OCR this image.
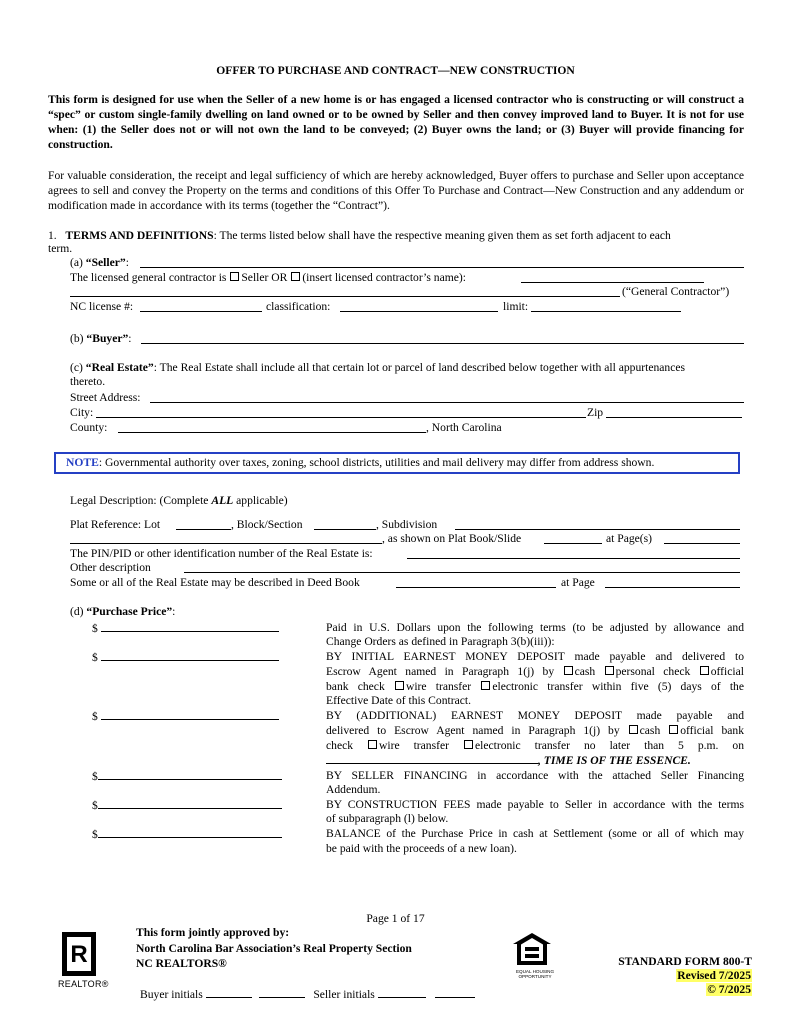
OFFER TO PURCHASE AND CONTRACT—NEW CONSTRUCTION
This form is designed for use when the Seller of a new home is or has engaged a licensed contractor who is constructing or will construct a “spec” or custom single-family dwelling on land owned or to be owned by Seller and then convey improved land to Buyer. It is not for use when: (1) the Seller does not or will not own the land to be conveyed; (2) Buyer owns the land; or (3) Buyer will provide financing for construction.
For valuable consideration, the receipt and legal sufficiency of which are hereby acknowledged, Buyer offers to purchase and Seller upon acceptance agrees to sell and convey the Property on the terms and conditions of this Offer To Purchase and Contract—New Construction and any addendum or modification made in accordance with its terms (together the “Contract”).
1. TERMS AND DEFINITIONS: The terms listed below shall have the respective meaning given them as set forth adjacent to each
term.
(a) “Seller”:
The licensed general contractor is Seller OR (insert licensed contractor’s name):
(“General Contractor”)
NC license #:	classification:	limit:
(b) “Buyer”:
(c) “Real Estate”: The Real Estate shall include all that certain lot or parcel of land described below together with all appurtenances
thereto.
Street Address:
City:	Zip
County:	, North Carolina
NOTE: Governmental authority over taxes, zoning, school districts, utilities and mail delivery may differ from address shown.
Legal Description: (Complete ALL applicable)
Plat Reference: Lot	, Block/Section	, Subdivision
, as shown on Plat Book/Slide	at Page(s)
The PIN/PID or other identification number of the Real Estate is:
Other description
Some or all of the Real Estate may be described in Deed Book	at Page
(d) “Purchase Price”:
$	Paid in U.S. Dollars upon the following terms (to be adjusted by allowance and
Change Orders as defined in Paragraph 3(b)(iii)):
$	BY INITIAL EARNEST MONEY DEPOSIT made payable and delivered to
Escrow Agent named in Paragraph 1(j) by cash personal check official
bank check wire transfer electronic transfer within five (5) days of the
Effective Date of this Contract.
$	BY (ADDITIONAL) EARNEST MONEY DEPOSIT made payable and
delivered to Escrow Agent named in Paragraph 1(j) by cash official bank
check wire transfer electronic transfer no later than 5 p.m. on
, TIME IS OF THE ESSENCE.
$	BY SELLER FINANCING in accordance with the attached Seller Financing
Addendum.
$	BY CONSTRUCTION FEES made payable to Seller in accordance with the terms
of subparagraph (l) below.
$	BALANCE of the Purchase Price in cash at Settlement (some or all of which may
be paid with the proceeds of a new loan).
Page 1 of 17
R
REALTOR®
This form jointly approved by:
North Carolina Bar Association’s Real Property Section
NC REALTORS®
EQUAL HOUSING OPPORTUNITY
STANDARD FORM 800-T
Revised 7/2025
© 7/2025
Buyer initials	Seller initials
